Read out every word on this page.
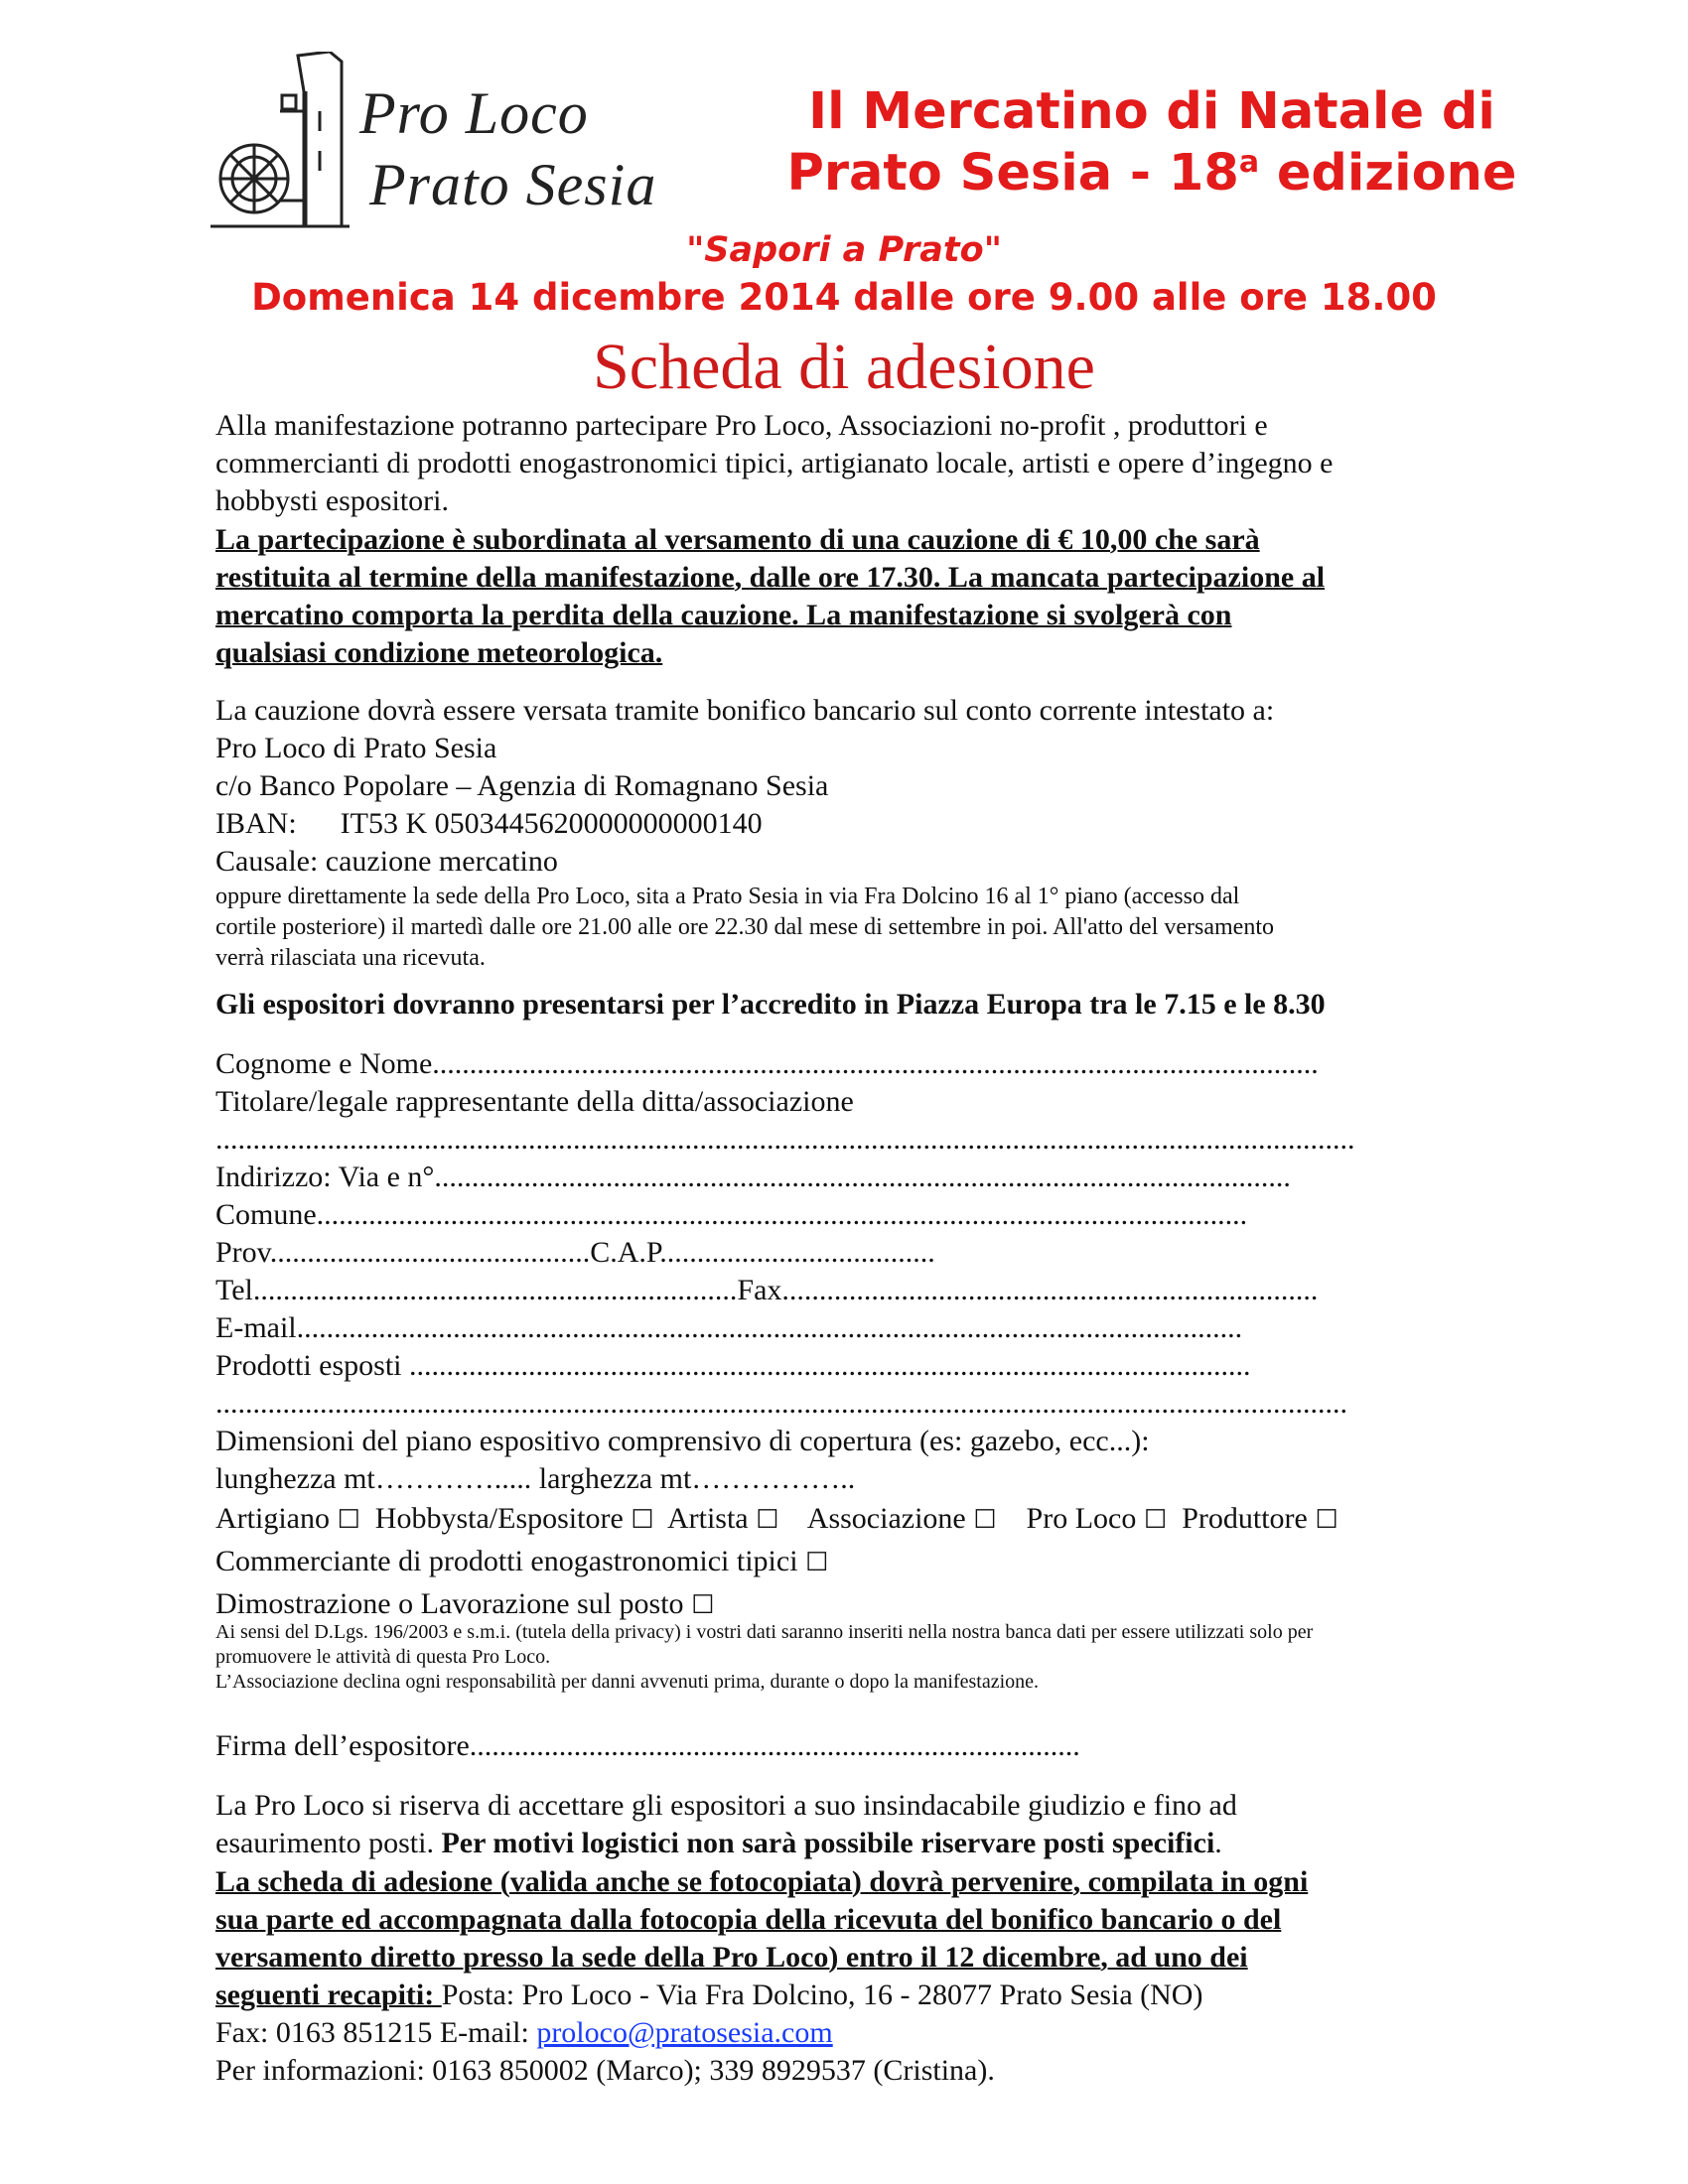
Pro Loco
Prato Sesia
Il Mercatino di Natale di
Prato Sesia - 18$^a$ edizione
"Sapori a Prato"
Domenica 14 dicembre 2014 dalle ore 9.00 alle ore 18.00
Scheda di adesione
Alla manifestazione potranno partecipare Pro Loco, Associazioni no-profit , produttori e
commercianti di prodotti enogastronomici tipici, artigianato locale, artisti e opere d’ingegno e
hobbysti espositori.
La partecipazione è subordinata al versamento di una cauzione di € 10,00 che sarà
restituita al termine della manifestazione, dalle ore 17.30. La mancata partecipazione al
mercatino comporta la perdita della cauzione. La manifestazione si svolgerà con
qualsiasi condizione meteorologica.
La cauzione dovrà essere versata tramite bonifico bancario sul conto corrente intestato a:
Pro Loco di Prato Sesia
c/o Banco Popolare – Agenzia di Romagnano Sesia
IBAN: IT53 K 0503445620000000000140
Causale: cauzione mercatino
oppure direttamente la sede della Pro Loco, sita a Prato Sesia in via Fra Dolcino 16 al 1° piano (accesso dal
cortile posteriore) il martedì dalle ore 21.00 alle ore 22.30 dal mese di settembre in poi. All'atto del versamento
verrà rilasciata una ricevuta.
Gli espositori dovranno presentarsi per l’accredito in Piazza Europa tra le 7.15 e le 8.30
Cognome e Nome.......................................................................................................................
Titolare/legale rappresentante della ditta/associazione
.........................................................................................................................................................
Indirizzo: Via e n°...................................................................................................................
Comune.............................................................................................................................
Prov...........................................C.A.P.....................................
Tel.................................................................Fax........................................................................
E-mail...............................................................................................................................
Prodotti esposti .................................................................................................................
........................................................................................................................................................
Dimensioni del piano espositivo comprensivo di copertura (es: gazebo, ecc...):
lunghezza mt…………..... larghezza mt……………..
Artigiano ☐ Hobbysta/Espositore ☐ Artista ☐ Associazione ☐ Pro Loco ☐ Produttore ☐
Commerciante di prodotti enogastronomici tipici ☐
Dimostrazione o Lavorazione sul posto ☐
Ai sensi del D.Lgs. 196/2003 e s.m.i. (tutela della privacy) i vostri dati saranno inseriti nella nostra banca dati per essere utilizzati solo per
promuovere le attività di questa Pro Loco.
L’Associazione declina ogni responsabilità per danni avvenuti prima, durante o dopo la manifestazione.
Firma dell’espositore..................................................................................
La Pro Loco si riserva di accettare gli espositori a suo insindacabile giudizio e fino ad
esaurimento posti. Per motivi logistici non sarà possibile riservare posti specifici.
La scheda di adesione (valida anche se fotocopiata) dovrà pervenire, compilata in ogni
sua parte ed accompagnata dalla fotocopia della ricevuta del bonifico bancario o del
versamento diretto presso la sede della Pro Loco) entro il 12 dicembre, ad uno dei
seguenti recapiti: Posta: Pro Loco - Via Fra Dolcino, 16 - 28077 Prato Sesia (NO)
Fax: 0163 851215 E-mail: proloco@pratosesia.com
Per informazioni: 0163 850002 (Marco); 339 8929537 (Cristina).
